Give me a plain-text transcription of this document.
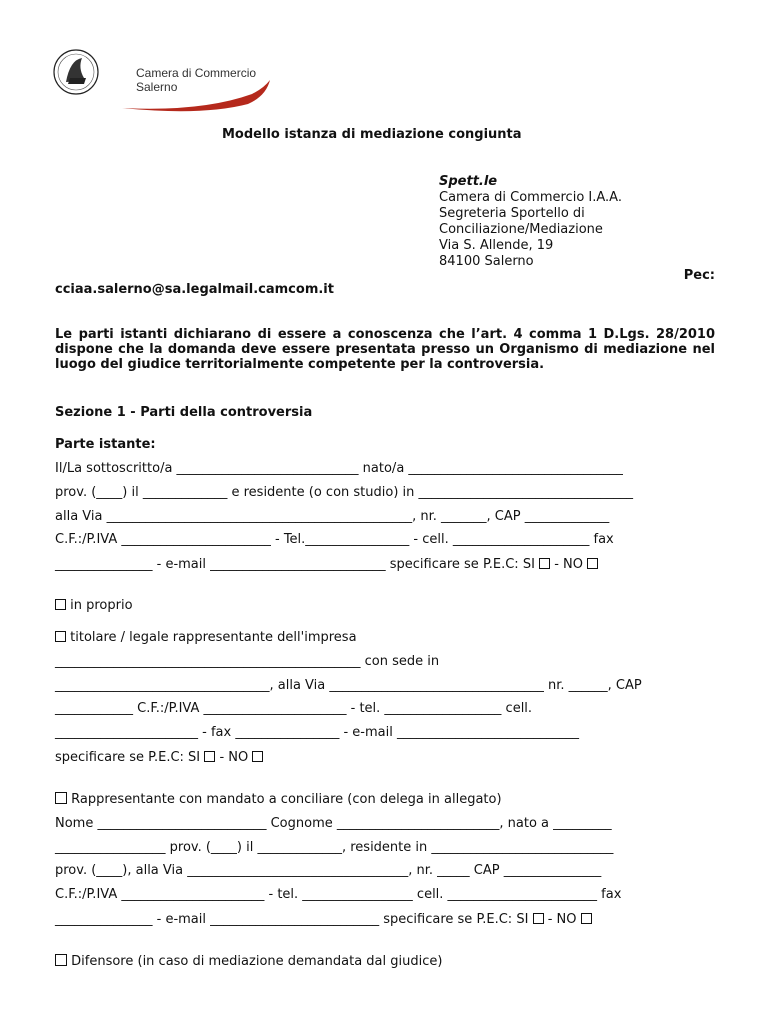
Camera di Commercio
Salerno
Modello istanza di mediazione congiunta
Spett.le
Camera di Commercio I.A.A.
Segreteria Sportello di
Conciliazione/Mediazione
Via S. Allende, 19
84100 Salerno
Pec:
cciaa.salerno@sa.legalmail.camcom.it
Le parti istanti dichiarano di essere a conoscenza che l’art. 4 comma 1 D.Lgs. 28/2010 dispone che la domanda deve essere presentata presso un Organismo di mediazione nel luogo del giudice territorialmente competente per la controversia.
Sezione 1 - Parti della controversia
Parte istante:
Il/La sottoscritto/a ____________________________ nato/a _________________________________
prov. (____) il _____________ e residente (o con studio) in _________________________________
alla Via _______________________________________________, nr. _______, CAP _____________
C.F.:/P.IVA _______________________ - Tel.________________ - cell. _____________________ fax
_______________ - e-mail ___________________________ specificare se P.E.C: SI - NO
in proprio
titolare / legale rappresentante dell'impresa
_______________________________________________ con sede in
_________________________________, alla Via _________________________________ nr. ______, CAP
____________ C.F.:/P.IVA ______________________ - tel. __________________ cell.
______________________ - fax ________________ - e-mail ____________________________
specificare se P.E.C: SI - NO
Rappresentante con mandato a conciliare (con delega in allegato)
Nome __________________________ Cognome _________________________, nato a _________
_________________ prov. (____) il _____________, residente in ____________________________
prov. (____), alla Via __________________________________, nr. _____ CAP _______________
C.F.:/P.IVA ______________________ - tel. _________________ cell. _______________________ fax
_______________ - e-mail __________________________ specificare se P.E.C: SI - NO
Difensore (in caso di mediazione demandata dal giudice)
